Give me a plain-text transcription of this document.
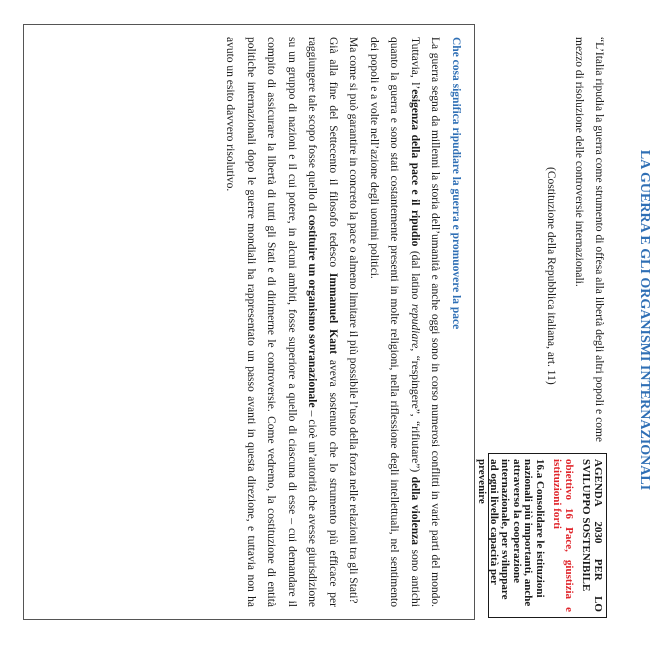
LA GUERRA E GLI ORGANISMI INTERNAZIONALI

“L’Italia ripudia la guerra come strumento di offesa alla libertà degli altri popoli e come mezzo di risoluzione delle controversie internazionali.

(Costituzione della Repubblica italiana, art. 11)

AGENDA 2030 PER LO SVILUPPO SOSTENIBILE

obiettivo 16 Pace, giustizia e istituzioni forti

16.a Consolidare le istituzioni nazionali più importanti, anche attraverso la cooperazione internazionale, per sviluppare ad ogni livello capacità per prevenire

Che cosa significa ripudiare la guerra e promuovere la pace

La guerra segna da millenni la storia dell’umanità e anche oggi sono in corso numerosi conflitti in varie parti del mondo. Tuttavia, l’esigenza della pace e il ripudio (dal latino repudiare, “respingere”, “rifiutare”) della violenza sono antichi quanto la guerra e sono stati costantemente presenti in molte religioni, nella riflessione degli intellettuali, nel sentimento dei popoli e a volte nell’azione degli uomini politici.

Ma come si può garantire in concreto la pace o almeno limitare il più possibile l’uso della forza nelle relazioni tra gli Stati?

Già alla fine del Settecento il filosofo tedesco Immanuel Kant aveva sostenuto che lo strumento più efficace per raggiungere tale scopo fosse quello di costituire un organismo sovranazionale – cioè un’autorità che avesse giurisdizione su un gruppo di nazioni e il cui potere, in alcuni ambiti, fosse superiore a quello di ciascuna di esse – cui demandare il compito di assicurare la libertà di tutti gli Stati e di dirimerne le controversie. Come vedremo, la costituzione di entità politiche internazionali dopo le guerre mondiali ha rappresentato un passo avanti in questa direzione, e tuttavia non ha avuto un esito davvero risolutivo.
